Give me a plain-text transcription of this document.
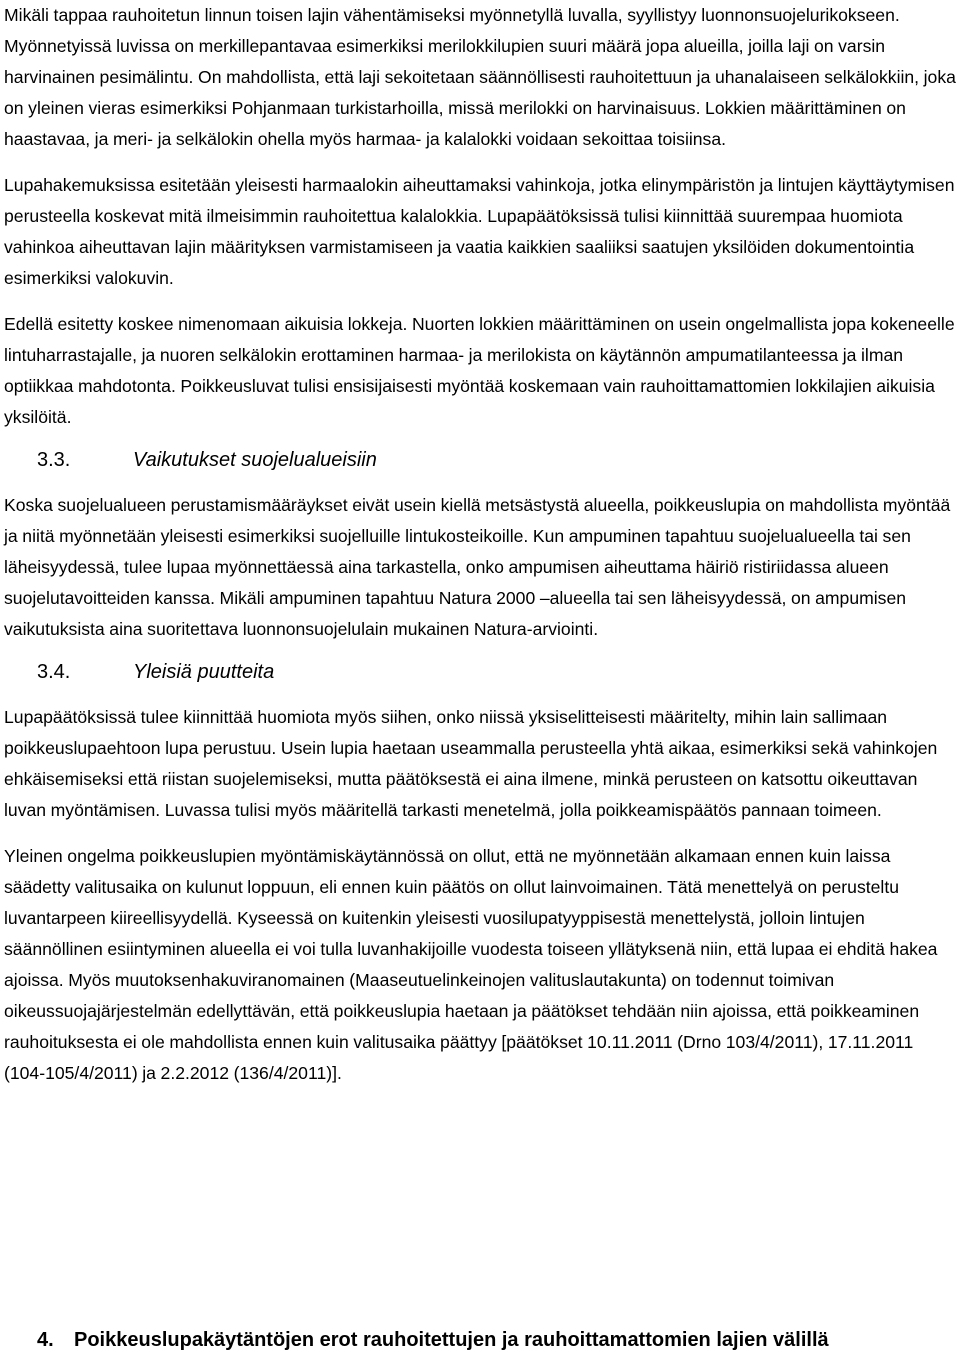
Mikäli tappaa rauhoitetun linnun toisen lajin vähentämiseksi myönnetyllä luvalla, syyllistyy luonnonsuojelurikokseen. Myönnetyissä luvissa on merkillepantavaa esimerkiksi merilokkilupien suuri määrä jopa alueilla, joilla laji on varsin harvinainen pesimälintu. On mahdollista, että laji sekoitetaan säännöllisesti rauhoitettuun ja uhanalaiseen selkälokkiin, joka on yleinen vieras esimerkiksi Pohjanmaan turkistarhoilla, missä merilokki on harvinaisuus. Lokkien määrittäminen on haastavaa, ja meri- ja selkälokin ohella myös harmaa- ja kalalokki voidaan sekoittaa toisiinsa.

Lupahakemuksissa esitetään yleisesti harmaalokin aiheuttamaksi vahinkoja, jotka elinympäristön ja lintujen käyttäytymisen perusteella koskevat mitä ilmeisimmin rauhoitettua kalalokkia. Lupapäätöksissä tulisi kiinnittää suurempaa huomiota vahinkoa aiheuttavan lajin määrityksen varmistamiseen ja vaatia kaikkien saaliiksi saatujen yksilöiden dokumentointia esimerkiksi valokuvin.

Edellä esitetty koskee nimenomaan aikuisia lokkeja. Nuorten lokkien määrittäminen on usein ongelmallista jopa kokeneelle lintuharrastajalle, ja nuoren selkälokin erottaminen harmaa- ja merilokista on käytännön ampumatilanteessa ja ilman optiikkaa mahdotonta. Poikkeusluvat tulisi ensisijaisesti myöntää koskemaan vain rauhoittamattomien lokkilajien aikuisia yksilöitä.

3.3.	Vaikutukset suojelualueisiin

Koska suojelualueen perustamismääräykset eivät usein kiellä metsästystä alueella, poikkeuslupia on mahdollista myöntää ja niitä myönnetään yleisesti esimerkiksi suojelluille lintukosteikoille. Kun ampuminen tapahtuu suojelualueella tai sen läheisyydessä, tulee lupaa myönnettäessä aina tarkastella, onko ampumisen aiheuttama häiriö ristiriidassa alueen suojelutavoitteiden kanssa. Mikäli ampuminen tapahtuu Natura 2000 –alueella tai sen läheisyydessä, on ampumisen vaikutuksista aina suoritettava luonnonsuojelulain mukainen Natura-arviointi.

3.4.	Yleisiä puutteita

Lupapäätöksissä tulee kiinnittää huomiota myös siihen, onko niissä yksiselitteisesti määritelty, mihin lain sallimaan poikkeuslupaehtoon lupa perustuu. Usein lupia haetaan useammalla perusteella yhtä aikaa, esimerkiksi sekä vahinkojen ehkäisemiseksi että riistan suojelemiseksi, mutta päätöksestä ei aina ilmene, minkä perusteen on katsottu oikeuttavan luvan myöntämisen. Luvassa tulisi myös määritellä tarkasti menetelmä, jolla poikkeamispäätös pannaan toimeen.

Yleinen ongelma poikkeuslupien myöntämiskäytännössä on ollut, että ne myönnetään alkamaan ennen kuin laissa säädetty valitusaika on kulunut loppuun, eli ennen kuin päätös on ollut lainvoimainen. Tätä menettelyä on perusteltu luvantarpeen kiireellisyydellä. Kyseessä on kuitenkin yleisesti vuosilupatyyppisestä menettelystä, jolloin lintujen säännöllinen esiintyminen alueella ei voi tulla luvanhakijoille vuodesta toiseen yllätyksenä niin, että lupaa ei ehditä hakea ajoissa. Myös muutoksenhakuviranomainen (Maaseutuelinkeinojen valituslautakunta) on todennut toimivan oikeussuojajärjestelmän edellyttävän, että poikkeuslupia haetaan ja päätökset tehdään niin ajoissa, että poikkeaminen rauhoituksesta ei ole mahdollista ennen kuin valitusaika päättyy [päätökset 10.11.2011 (Drno 103/4/2011), 17.11.2011 (104-105/4/2011) ja 2.2.2012 (136/4/2011)].

4. Poikkeuslupakäytäntöjen erot rauhoitettujen ja rauhoittamattomien lajien välillä
